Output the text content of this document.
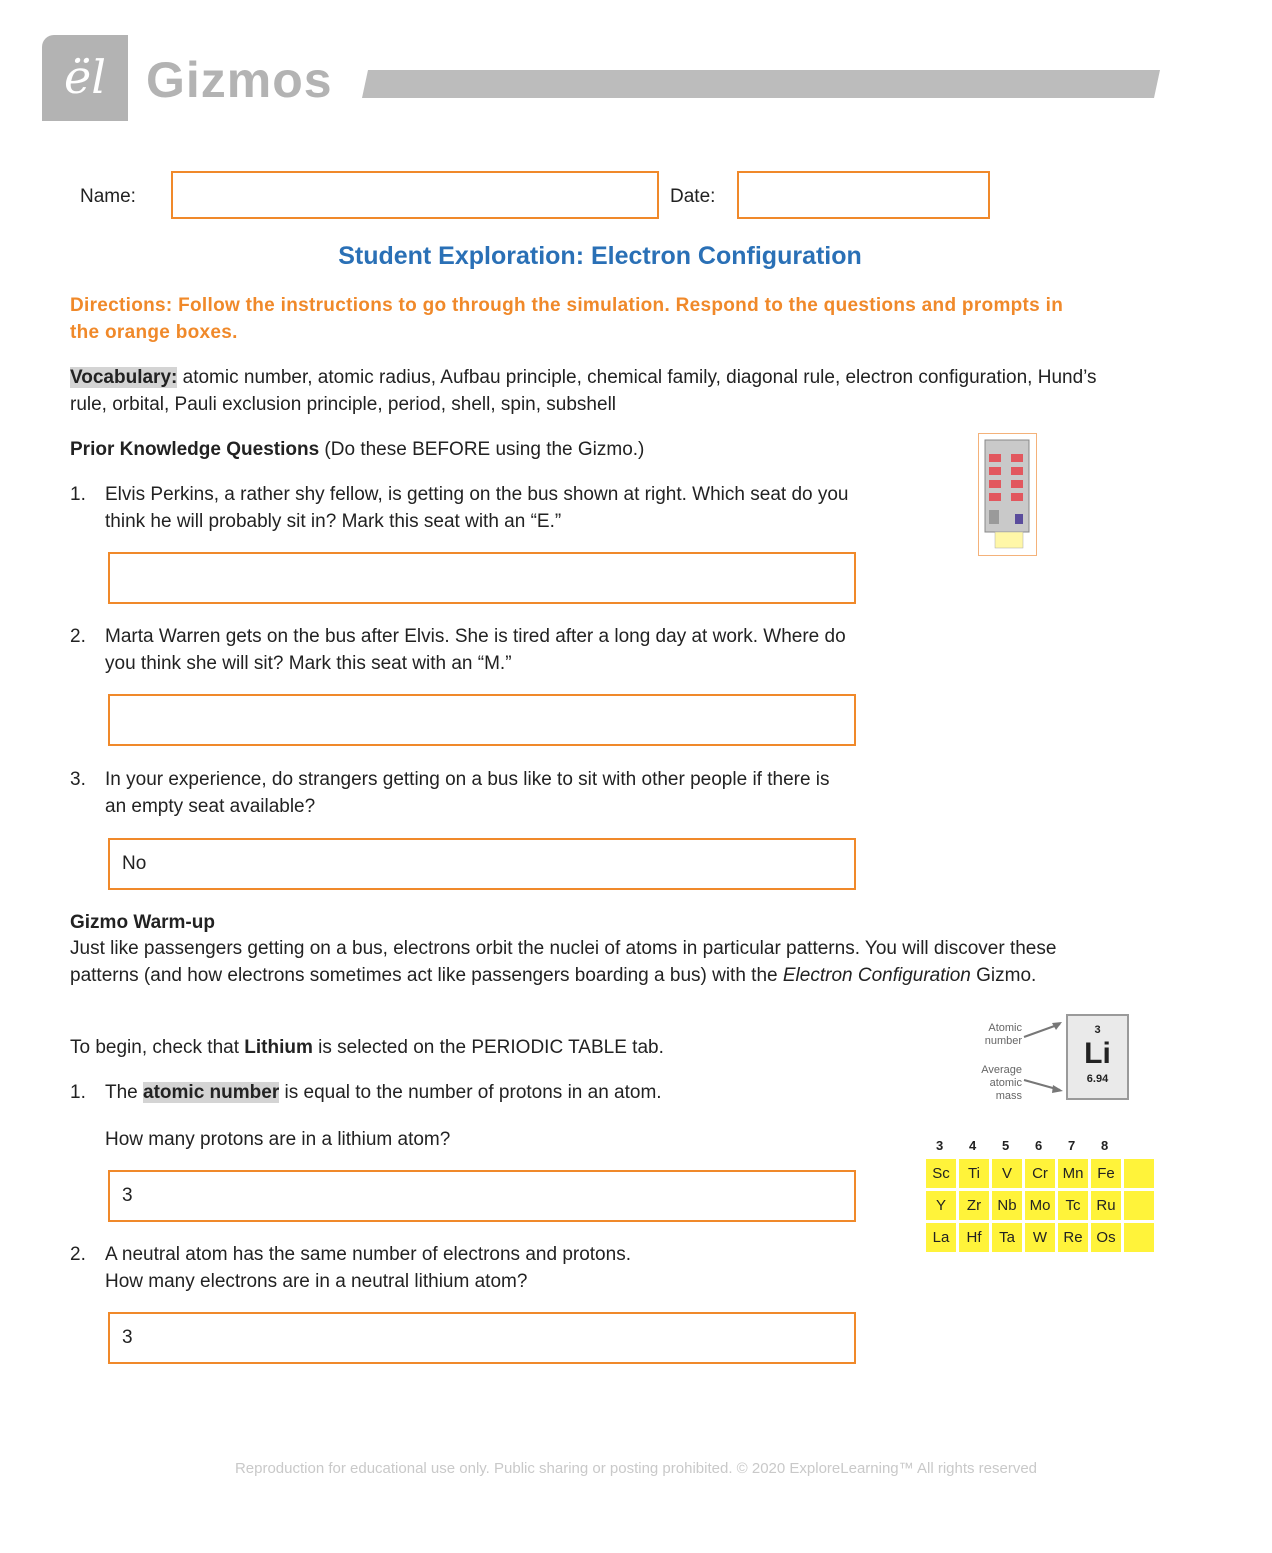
ël Gizmos
Name:	Date:
Student Exploration: Electron Configuration
Directions: Follow the instructions to go through the simulation. Respond to the questions and prompts in the orange boxes.
Vocabulary: atomic number, atomic radius, Aufbau principle, chemical family, diagonal rule, electron configuration, Hund’s rule, orbital, Pauli exclusion principle, period, shell, spin, subshell
Prior Knowledge Questions (Do these BEFORE using the Gizmo.)
1.	Elvis Perkins, a rather shy fellow, is getting on the bus shown at right. Which seat do you
think he will probably sit in? Mark this seat with an “E.”
2.	Marta Warren gets on the bus after Elvis. She is tired after a long day at work. Where do
you think she will sit? Mark this seat with an “M.”
3.	In your experience, do strangers getting on a bus like to sit with other people if there is
an empty seat available?
No
Gizmo Warm-up
Just like passengers getting on a bus, electrons orbit the nuclei of atoms in particular patterns. You will discover these patterns (and how electrons sometimes act like passengers boarding a bus) with the Electron Configuration Gizmo.
To begin, check that Lithium is selected on the PERIODIC TABLE tab.
Atomic
number
Average
atomic
mass
3
Li
6.94
3 4 5 6 7 8
Sc	Ti	V	Cr Mn Fe
Y	Zr	Nb Mo	Tc	Ru
La	Hf	Ta	W	Re Os
1.	The atomic number is equal to the number of protons in an atom.
How many protons are in a lithium atom?
3
2.	A neutral atom has the same number of electrons and protons.
How many electrons are in a neutral lithium atom?
3
Reproduction for educational use only. Public sharing or posting prohibited. © 2020 ExploreLearning™ All rights reserved
